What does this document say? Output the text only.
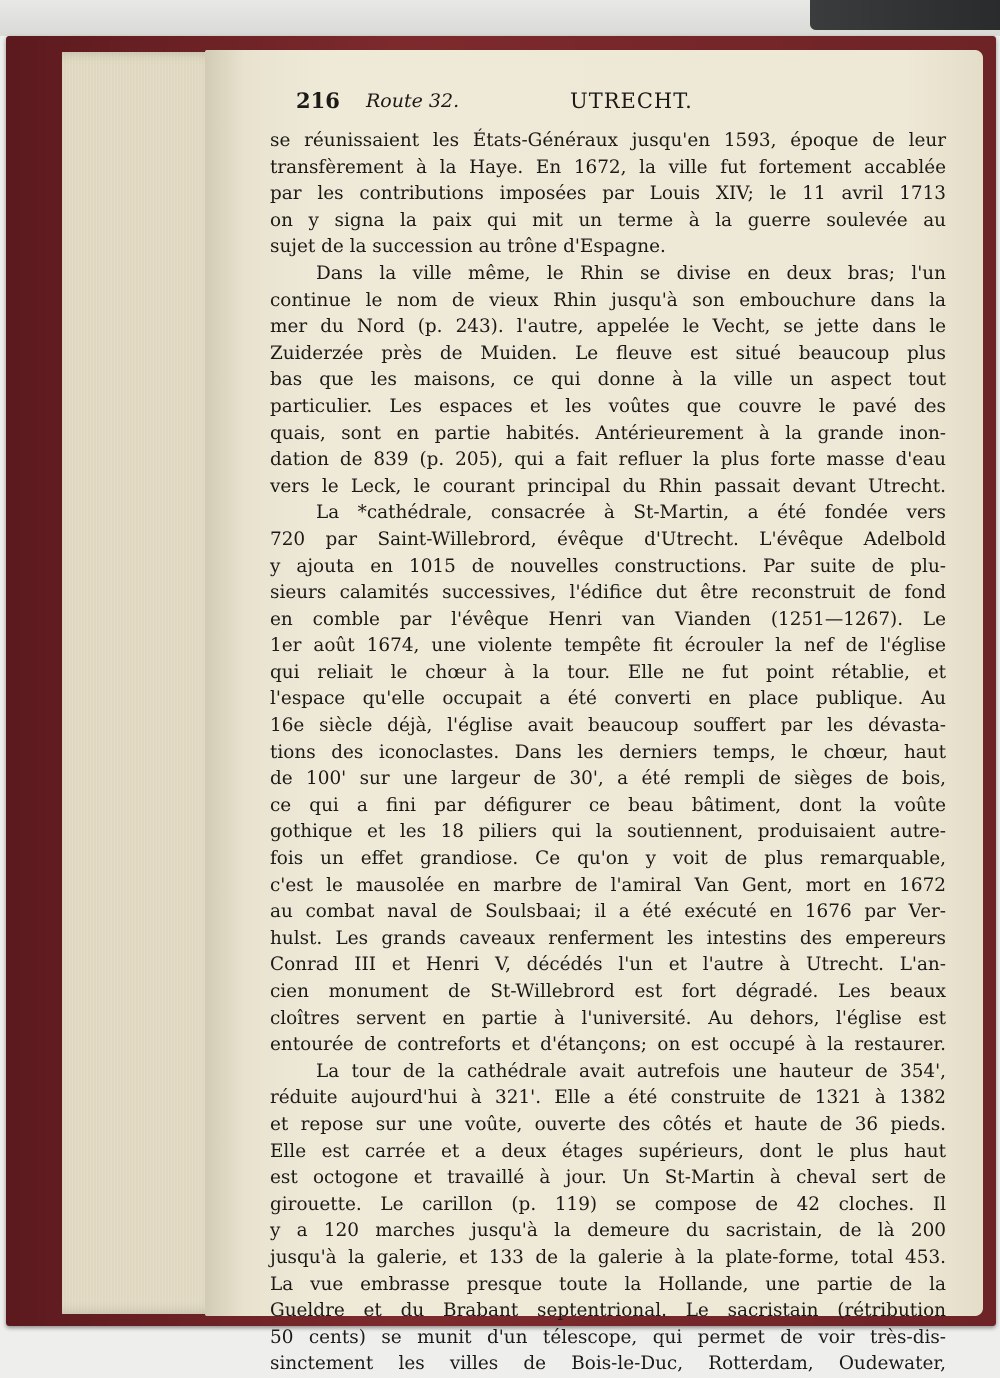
216 Route 32.	UTRECHT.
se réunissaient les États-Généraux jusqu'en 1593, époque de leur
transfèrement à la Haye. En 1672, la ville fut fortement accablée
par les contributions imposées par Louis XIV; le 11 avril 1713
on y signa la paix qui mit un terme à la guerre soulevée au
sujet de la succession au trône d'Espagne.
Dans la ville même, le Rhin se divise en deux bras; l'un
continue le nom de vieux Rhin jusqu'à son embouchure dans la
mer du Nord (p. 243). l'autre, appelée le Vecht, se jette dans le
Zuiderzée près de Muiden. Le fleuve est situé beaucoup plus
bas que les maisons, ce qui donne à la ville un aspect tout
particulier. Les espaces et les voûtes que couvre le pavé des
quais, sont en partie habités. Antérieurement à la grande inon-
dation de 839 (p. 205), qui a fait refluer la plus forte masse d'eau
vers le Leck, le courant principal du Rhin passait devant Utrecht.
La *cathédrale, consacrée à St-Martin, a été fondée vers
720 par Saint-Willebrord, évêque d'Utrecht. L'évêque Adelbold
y ajouta en 1015 de nouvelles constructions. Par suite de plu-
sieurs calamités successives, l'édifice dut être reconstruit de fond
en comble par l'évêque Henri van Vianden (1251—1267). Le
1er août 1674, une violente tempête fit écrouler la nef de l'église
qui reliait le chœur à la tour. Elle ne fut point rétablie, et
l'espace qu'elle occupait a été converti en place publique. Au
16e siècle déjà, l'église avait beaucoup souffert par les dévasta-
tions des iconoclastes. Dans les derniers temps, le chœur, haut
de 100' sur une largeur de 30', a été rempli de sièges de bois,
ce qui a fini par défigurer ce beau bâtiment, dont la voûte
gothique et les 18 piliers qui la soutiennent, produisaient autre-
fois un effet grandiose. Ce qu'on y voit de plus remarquable,
c'est le mausolée en marbre de l'amiral Van Gent, mort en 1672
au combat naval de Soulsbaai; il a été exécuté en 1676 par Ver-
hulst. Les grands caveaux renferment les intestins des empereurs
Conrad III et Henri V, décédés l'un et l'autre à Utrecht. L'an-
cien monument de St-Willebrord est fort dégradé. Les beaux
cloîtres servent en partie à l'université. Au dehors, l'église est
entourée de contreforts et d'étançons; on est occupé à la restaurer.
La tour de la cathédrale avait autrefois une hauteur de 354',
réduite aujourd'hui à 321'. Elle a été construite de 1321 à 1382
et repose sur une voûte, ouverte des côtés et haute de 36 pieds.
Elle est carrée et a deux étages supérieurs, dont le plus haut
est octogone et travaillé à jour. Un St-Martin à cheval sert de
girouette. Le carillon (p. 119) se compose de 42 cloches. Il
y a 120 marches jusqu'à la demeure du sacristain, de là 200
jusqu'à la galerie, et 133 de la galerie à la plate-forme, total 453.
La vue embrasse presque toute la Hollande, une partie de la
Gueldre et du Brabant septentrional. Le sacristain (rétribution
50 cents) se munit d'un télescope, qui permet de voir très-dis-
sinctement les villes de Bois-le-Duc, Rotterdam, Oudewater,
